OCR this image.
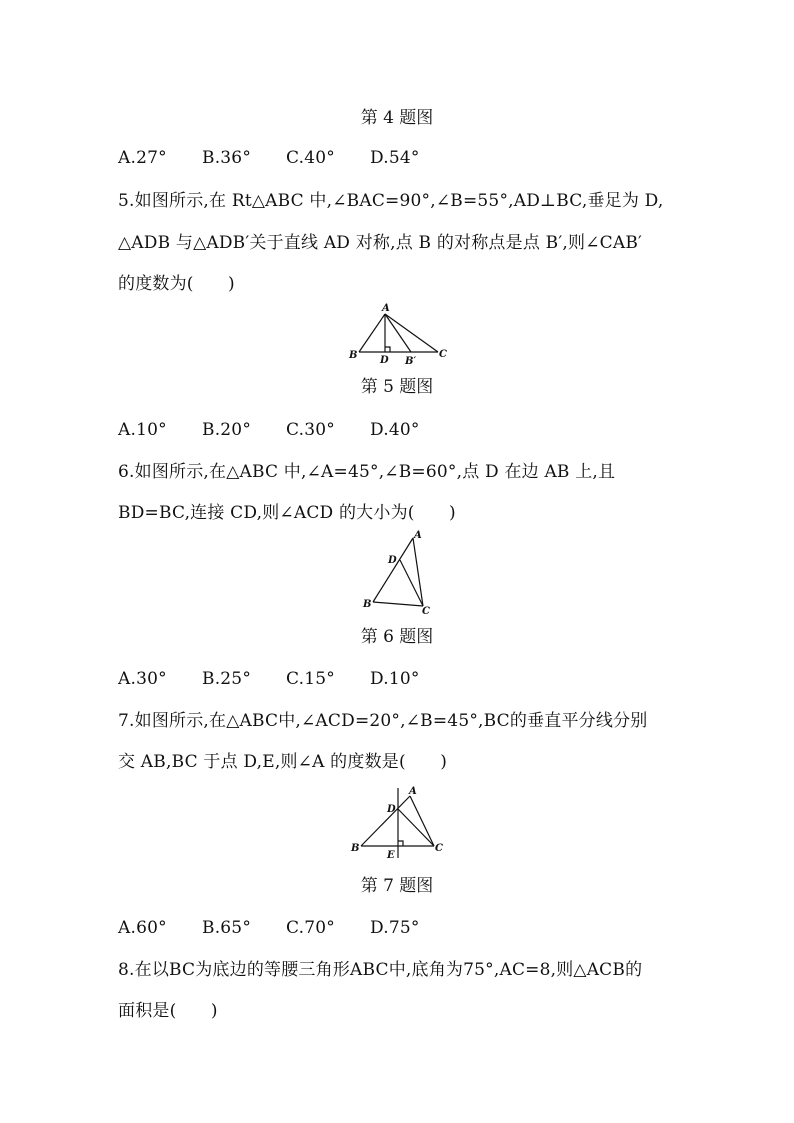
第 4 题图

A.27°	B.36°	C.40°	D.54°

5.如图所示,在 Rt△ABC 中,∠BAC=90°,∠B=55°,AD⊥BC,垂足为 D,

△ADB 与△ADB′关于直线 AD 对称,点 B 的对称点是点 B′,则∠CAB′

的度数为(　　)

A
B	C
D B′

第 5 题图

A.10°	B.20°	C.30°	D.40°

6.如图所示,在△ABC 中,∠A=45°,∠B=60°,点 D 在边 AB 上,且

BD=BC,连接 CD,则∠ACD 的大小为(　　)

A
B
C
D

第 6 题图

A.30°	B.25°	C.15°	D.10°

7.如图所示,在△ABC中,∠ACD=20°,∠B=45°,BC的垂直平分线分别

交 AB,BC 于点 D,E,则∠A 的度数是(　　)

A
B	C
D
E

第 7 题图

A.60°	B.65°	C.70°	D.75°

8.在以BC为底边的等腰三角形ABC中,底角为75°,AC=8,则△ACB的

面积是(　　)
